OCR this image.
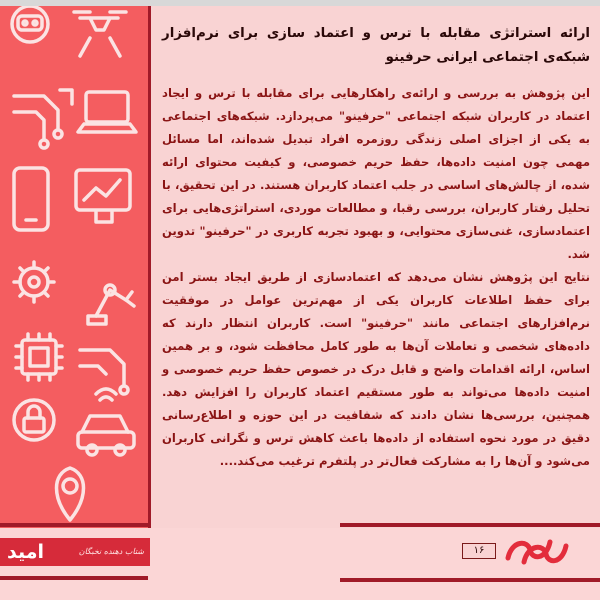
ارائه استراتژی مقابله با ترس و اعتماد سازی برای نرم‌افزار شبکه‌ی اجتماعی ایرانی حرفینو

این پژوهش به بررسی و ارائه‌ی راهکارهایی برای مقابله با ترس و ایجاد اعتماد در کاربران شبکه اجتماعی "حرفینو" می‌پردازد. شبکه‌های اجتماعی به یکی از اجزای اصلی زندگی روزمره افراد تبدیل شده‌اند، اما مسائل مهمی چون امنیت داده‌ها، حفظ حریم خصوصی، و کیفیت محتوای ارائه شده، از چالش‌های اساسی در جلب اعتماد کاربران هستند. در این تحقیق، با تحلیل رفتار کاربران، بررسی رقبا، و مطالعات موردی، استراتژی‌هایی برای اعتمادسازی، غنی‌سازی محتوایی، و بهبود تجربه کاربری در "حرفینو" تدوین شد.

نتایج این پژوهش نشان می‌دهد که اعتمادسازی از طریق ایجاد بستر امن برای حفظ اطلاعات کاربران یکی از مهم‌ترین عوامل در موفقیت نرم‌افزارهای اجتماعی مانند "حرفینو" است. کاربران انتظار دارند که داده‌های شخصی و تعاملات آن‌ها به طور کامل محافظت شود، و بر همین اساس، ارائه اقدامات واضح و قابل درک در خصوص حفظ حریم خصوصی و امنیت داده‌ها می‌تواند به طور مستقیم اعتماد کاربران را افزایش دهد. همچنین، بررسی‌ها نشان دادند که شفافیت در این حوزه و اطلاع‌رسانی دقیق در مورد نحوه استفاده از داده‌ها باعث کاهش ترس و نگرانی کاربران می‌شود و آن‌ها را به مشارکت فعال‌تر در پلتفرم ترغیب می‌کند....

امید	شتاب دهنده نخبگان	۱۶
